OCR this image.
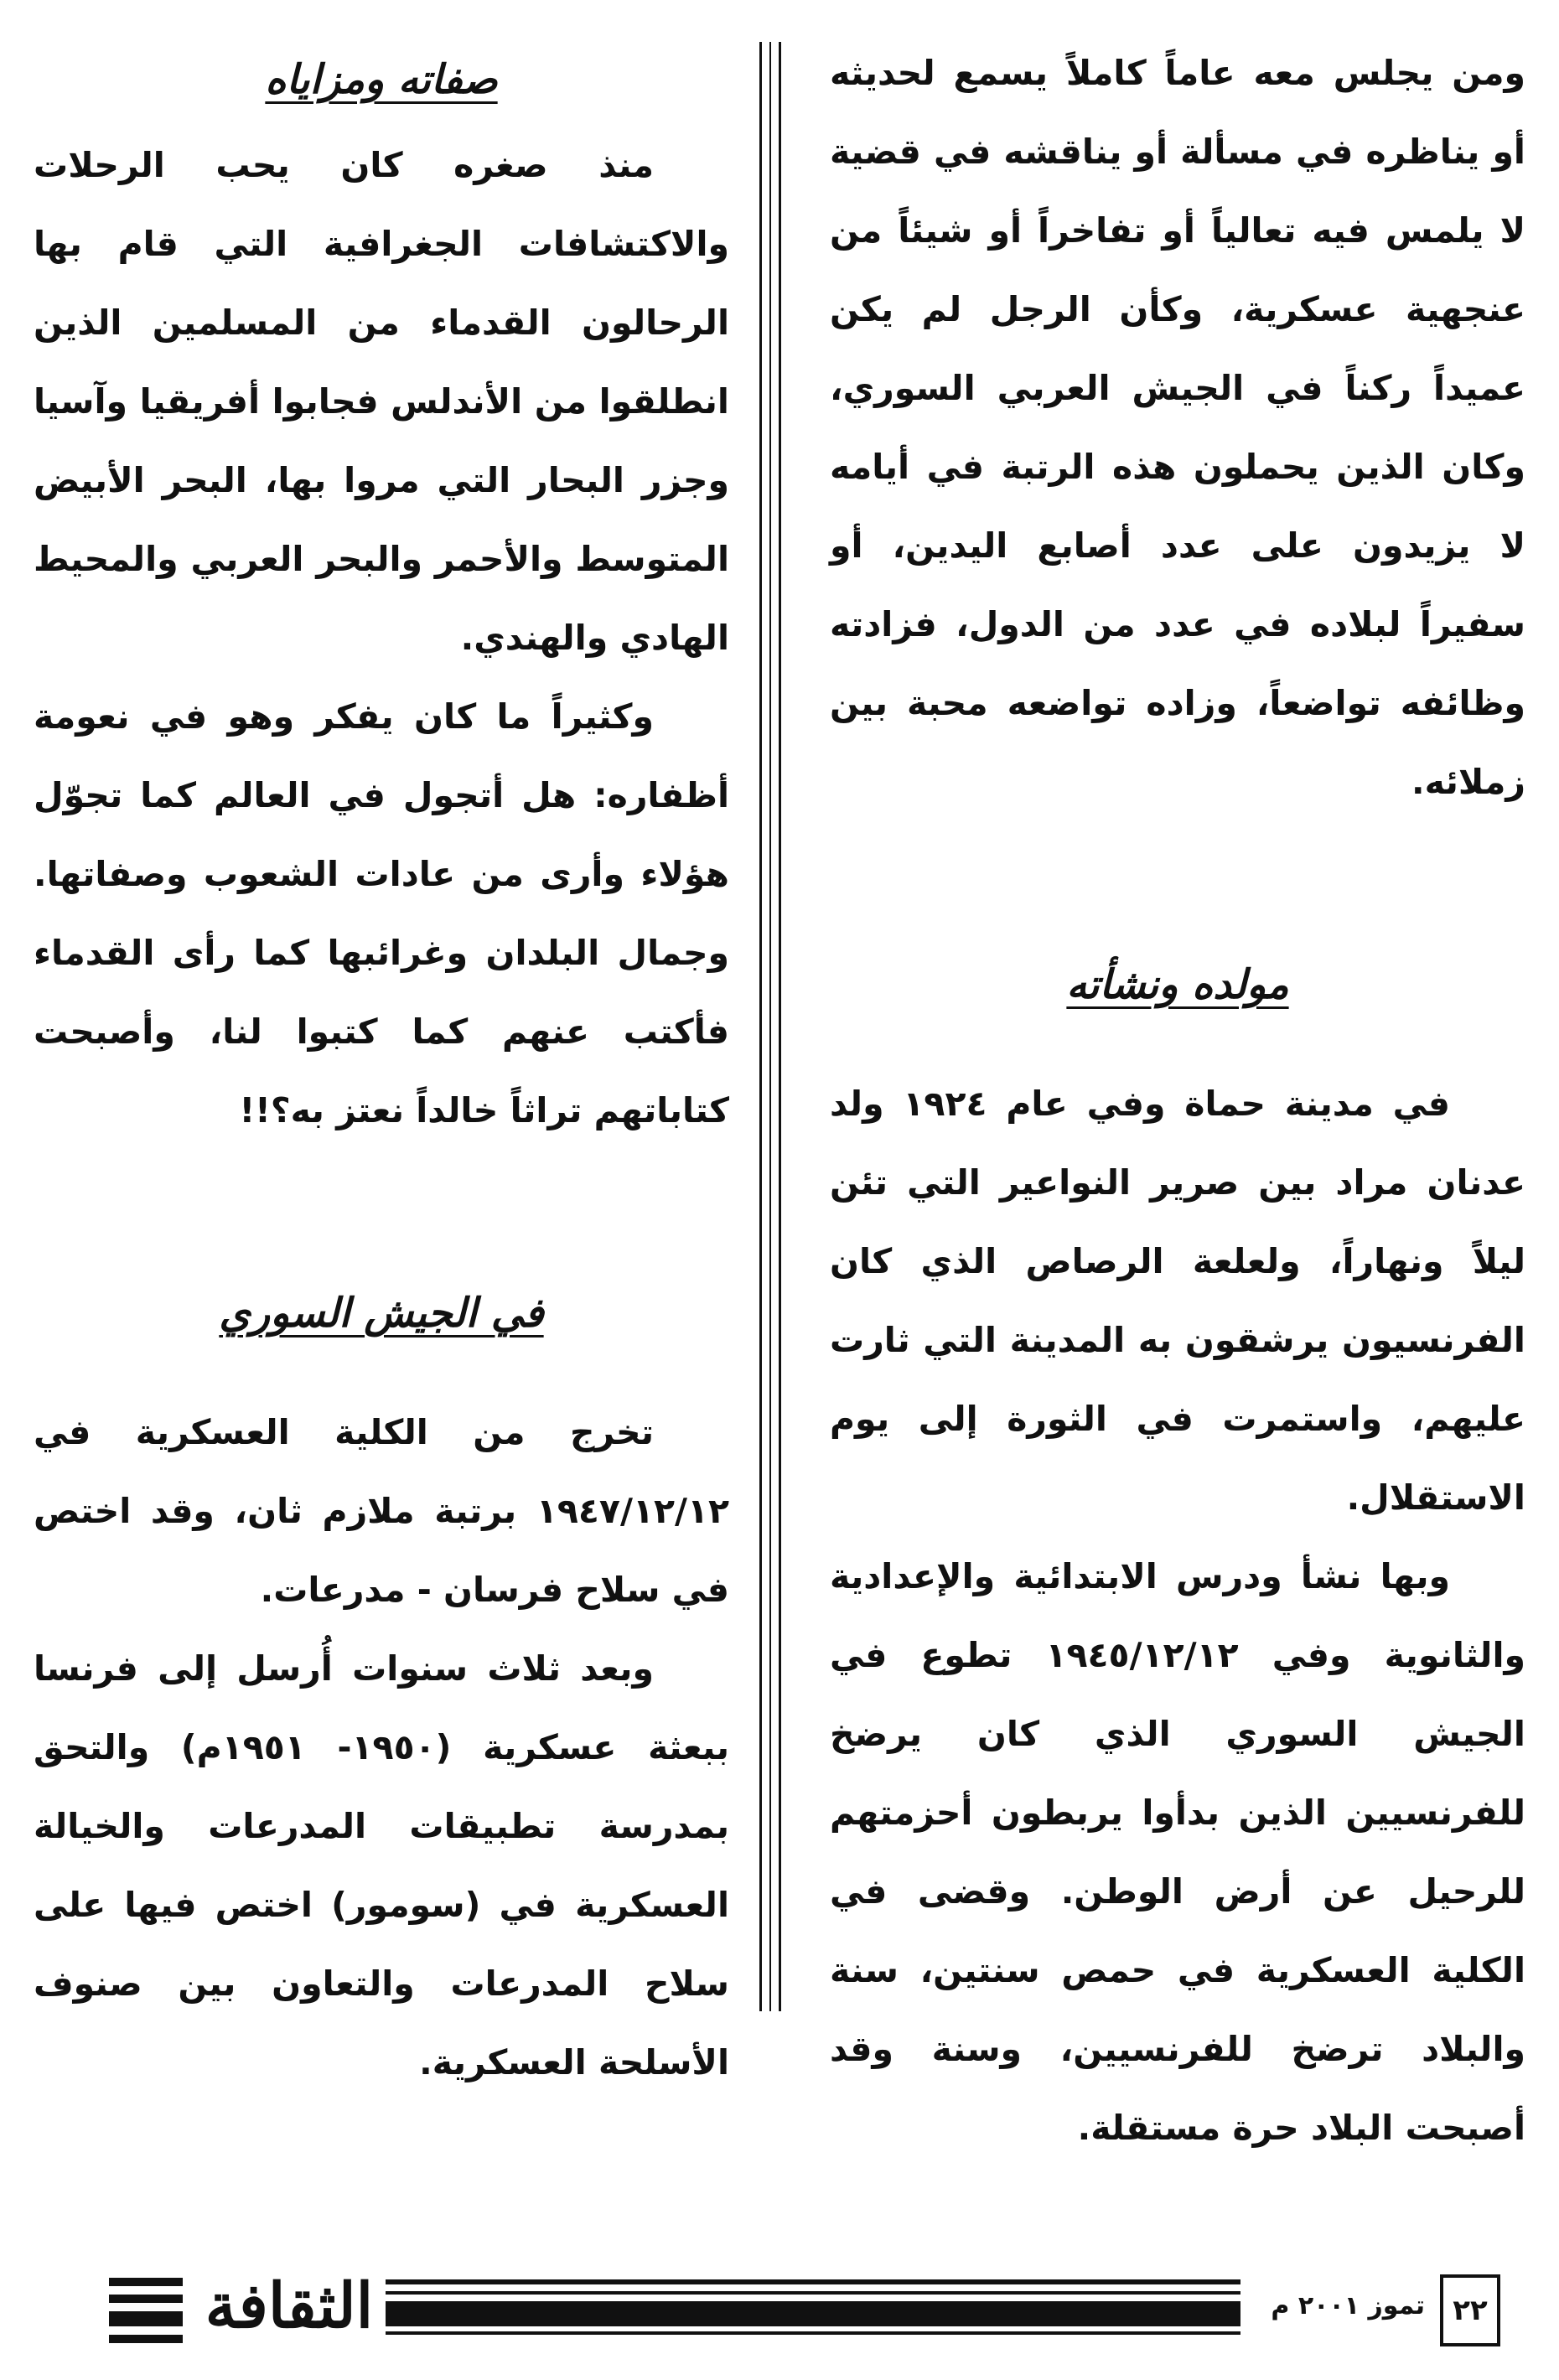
ومن يجلس معه عاماً كاملاً يسمع لحديثه أو يناظره في مسألة أو يناقشه في قضية لا يلمس فيه تعالياً أو تفاخراً أو شيئاً من عنجهية عسكرية، وكأن الرجل لم يكن عميداً ركناً في الجيش العربي السوري، وكان الذين يحملون هذه الرتبة في أيامه لا يزيدون على عدد أصابع اليدين، أو سفيراً لبلاده في عدد من الدول، فزادته وظائفه تواضعاً، وزاده تواضعه محبة بين زملائه.

مولده ونشأته

في مدينة حماة وفي عام ١٩٢٤ ولد عدنان مراد بين صرير النواعير التي تئن ليلاً ونهاراً، ولعلعة الرصاص الذي كان الفرنسيون يرشقون به المدينة التي ثارت عليهم، واستمرت في الثورة إلى يوم الاستقلال.

وبها نشأ ودرس الابتدائية والإعدادية والثانوية وفي ١٩٤٥/١٢/١٢ تطوع في الجيش السوري الذي كان يرضخ للفرنسيين الذين بدأوا يربطون أحزمتهم للرحيل عن أرض الوطن. وقضى في الكلية العسكرية في حمص سنتين، سنة والبلاد ترضخ للفرنسيين، وسنة وقد أصبحت البلاد حرة مستقلة.

صفاته ومزاياه

منذ صغره كان يحب الرحلات والاكتشافات الجغرافية التي قام بها الرحالون القدماء من المسلمين الذين انطلقوا من الأندلس فجابوا أفريقيا وآسيا وجزر البحار التي مروا بها، البحر الأبيض المتوسط والأحمر والبحر العربي والمحيط الهادي والهندي.

وكثيراً ما كان يفكر وهو في نعومة أظفاره: هل أتجول في العالم كما تجوّل هؤلاء وأرى من عادات الشعوب وصفاتها. وجمال البلدان وغرائبها كما رأى القدماء فأكتب عنهم كما كتبوا لنا، وأصبحت كتاباتهم تراثاً خالداً نعتز به؟!!

في الجيش السوري

تخرج من الكلية العسكرية في ١٩٤٧/١٢/١٢ برتبة ملازم ثان، وقد اختص في سلاح فرسان - مدرعات.

وبعد ثلاث سنوات أُرسل إلى فرنسا ببعثة عسكرية (١٩٥٠- ١٩٥١م) والتحق بمدرسة تطبيقات المدرعات والخيالة العسكرية في (سومور) اختص فيها على سلاح المدرعات والتعاون بين صنوف الأسلحة العسكرية.

٢٢
تموز ٢٠٠١ م
الثقافة
